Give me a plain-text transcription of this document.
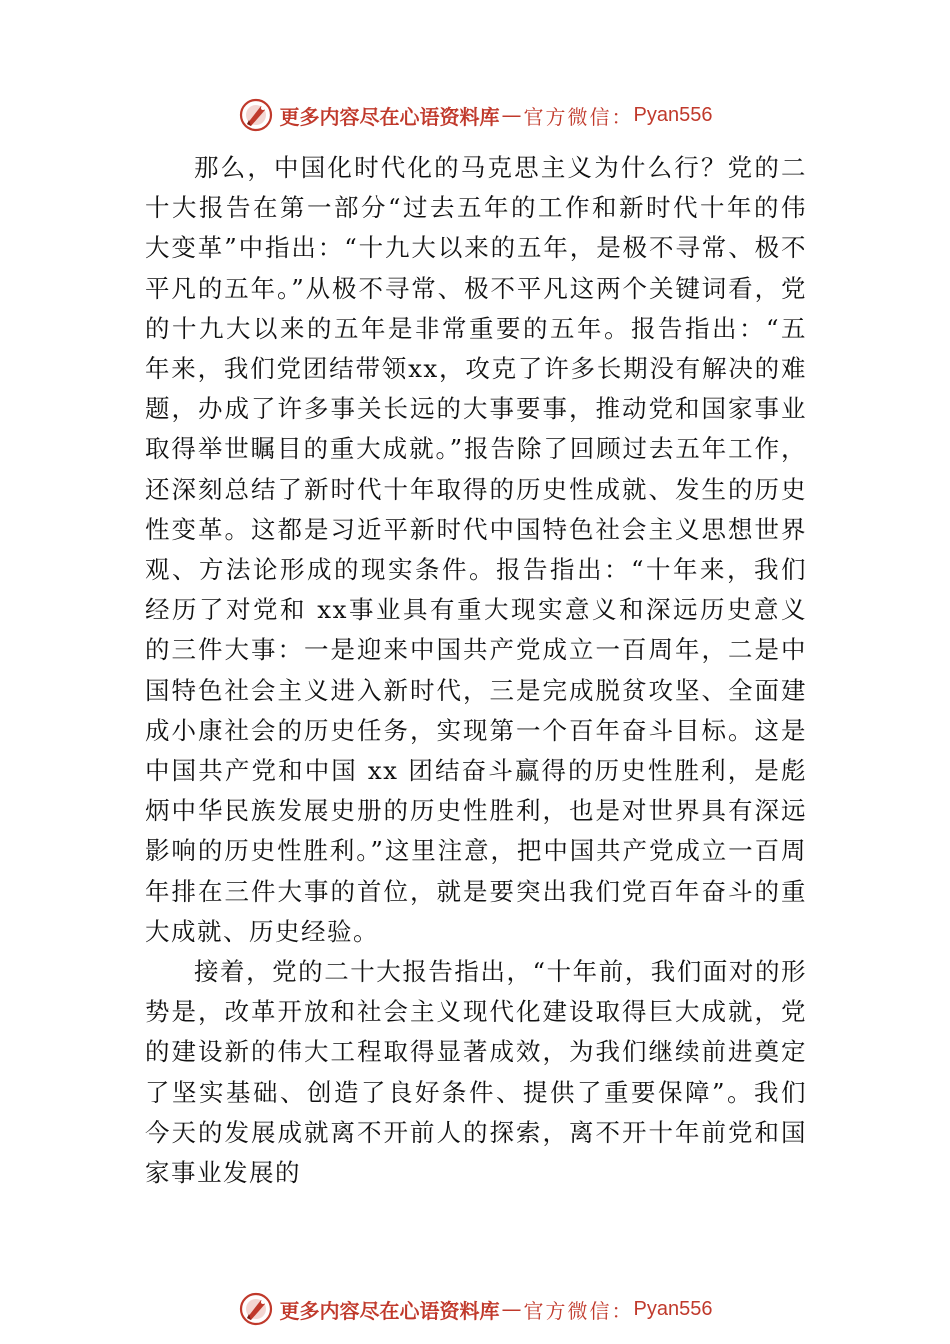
更多内容尽在心语资料库 — 官方微信： Pyan556

那么，中国化时代化的马克思主义为什么行？党的二十大报告在第一部分“过去五年的工作和新时代十年的伟大变革”中指出：“十九大以来的五年，是极不寻常、极不平凡的五年。”从极不寻常、极不平凡这两个关键词看，党的十九大以来的五年是非常重要的五年。报告指出：“五年来，我们党团结带领xx，攻克了许多长期没有解决的难题，办成了许多事关长远的大事要事，推动党和国家事业取得举世瞩目的重大成就。”报告除了回顾过去五年工作，还深刻总结了新时代十年取得的历史性成就、发生的历史性变革。这都是习近平新时代中国特色社会主义思想世界观、方法论形成的现实条件。报告指出：“十年来，我们经历了对党和 xx事业具有重大现实意义和深远历史意义的三件大事：一是迎来中国共产党成立一百周年，二是中国特色社会主义进入新时代，三是完成脱贫攻坚、全面建成小康社会的历史任务，实现第一个百年奋斗目标。这是中国共产党和中国 xx 团结奋斗赢得的历史性胜利，是彪炳中华民族发展史册的历史性胜利，也是对世界具有深远影响的历史性胜利。”这里注意，把中国共产党成立一百周年排在三件大事的首位，就是要突出我们党百年奋斗的重大成就、历史经验。

接着，党的二十大报告指出，“十年前，我们面对的形势是，改革开放和社会主义现代化建设取得巨大成就，党的建设新的伟大工程取得显著成效，为我们继续前进奠定了坚实基础、创造了良好条件、提供了重要保障”。我们今天的发展成就离不开前人的探索，离不开十年前党和国家事业发展的

更多内容尽在心语资料库 — 官方微信： Pyan556
